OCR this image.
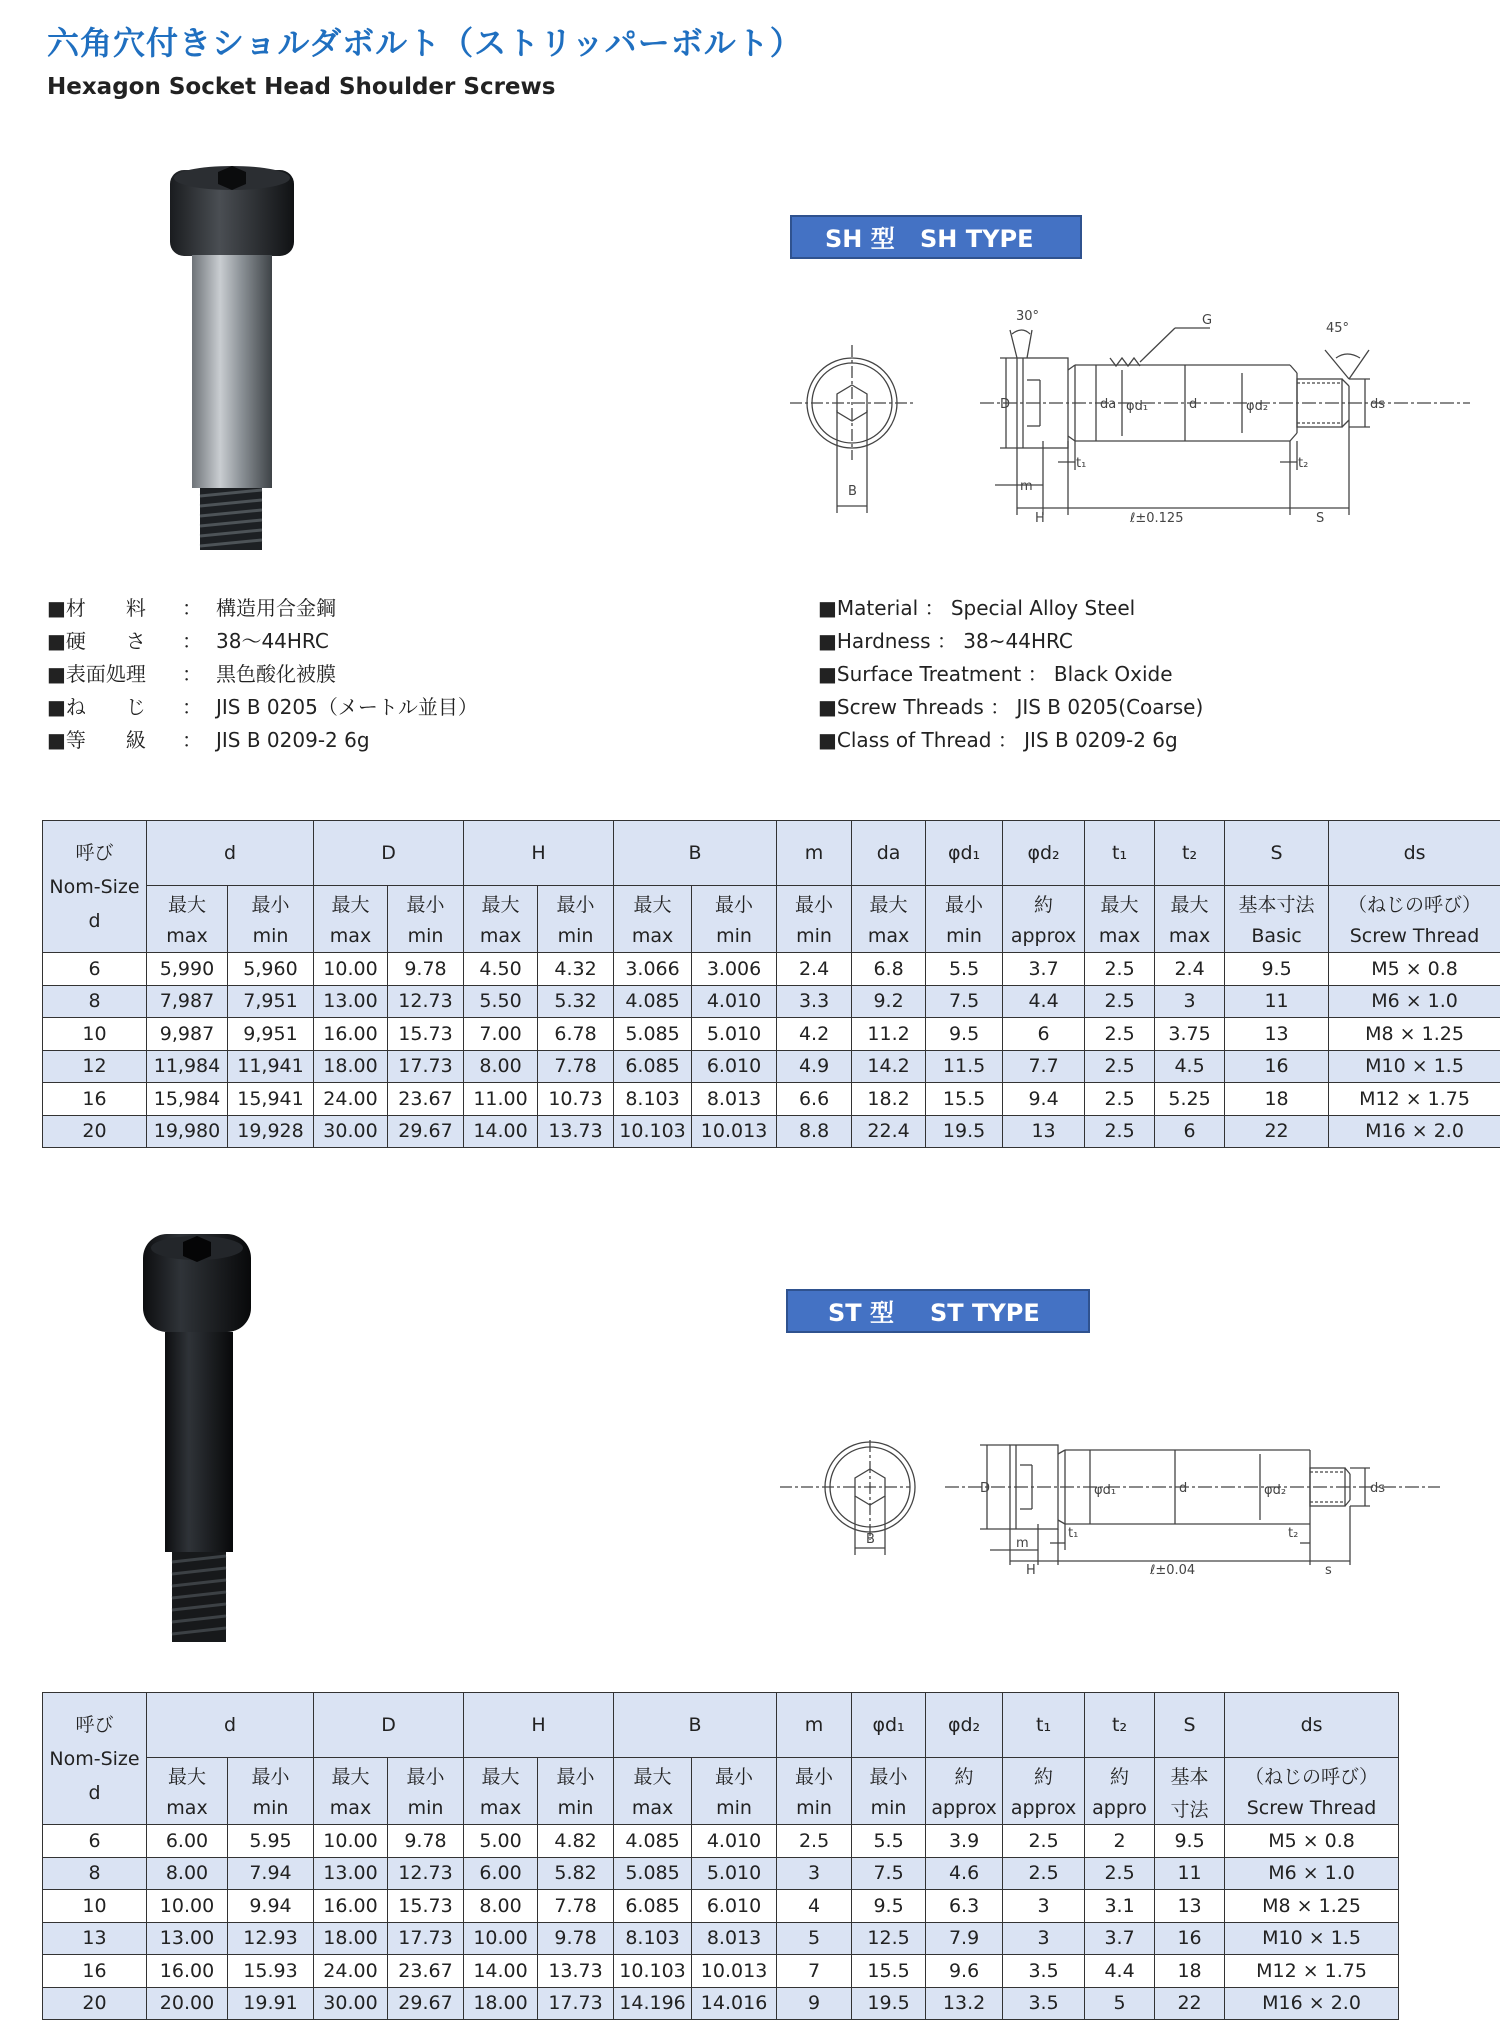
六角穴付きショルダボルト（ストリッパーボルト）
Hexagon Socket Head Shoulder Screws
SH 型 SH TYPE
30°
45°
G
D	da φd₁	d	φd₂	ds
B	m
H
t₁	t₂
ℓ±0.125	S
■材　　料 ： 構造用合金鋼
■硬　　さ ： 38〜44HRC
■表面処理 ： 黒色酸化被膜
■ね　　じ ： JIS B 0205（メートル並目）
■等　　級 ： JIS B 0209-2 6g
■Material ： Special Alloy Steel
■Hardness ： 38~44HRC
■Surface Treatment ： Black Oxide
■Screw Threads ： JIS B 0205(Coarse)
■Class of Thread ： JIS B 0209-2 6g
呼び
Nom-Size
d	d		D		H		B		m	da	φd₁	φd₂	t₁	t₂	S	ds
	最大	最小	最大	最小	最大	最小	最大	最小	最小	最大	最小	約	最大	最大	基本寸法	（ねじの呼び）
	max	min	max	min	max	min	max	min	min	max	min	approx	max	max	Basic	Screw Thread
6	5,990	5,960	10.00	9.78	4.50	4.32	3.066	3.006	2.4	6.8	5.5	3.7	2.5	2.4	9.5	M5 × 0.8
8	7,987	7,951	13.00	12.73	5.50	5.32	4.085	4.010	3.3	9.2	7.5	4.4	2.5	3	11	M6 × 1.0
10	9,987	9,951	16.00	15.73	7.00	6.78	5.085	5.010	4.2	11.2	9.5	6	2.5	3.75	13	M8 × 1.25
12	11,984	11,941	18.00	17.73	8.00	7.78	6.085	6.010	4.9	14.2	11.5	7.7	2.5	4.5	16	M10 × 1.5
16	15,984	15,941	24.00	23.67	11.00	10.73	8.103	8.013	6.6	18.2	15.5	9.4	2.5	5.25	18	M12 × 1.75
20	19,980	19,928	30.00	29.67	14.00	13.73	10.103	10.013	8.8	22.4	19.5	13	2.5	6	22	M16 × 2.0
ST 型 ST TYPE
D	φd₁	d	φd₂	ds
B	m
H
t₁	t₂
ℓ±0.04	s
呼び
Nom-Size
d	d		D		H		B		m	φd₁	φd₂	t₁	t₂	S	ds
	最大	最小	最大	最小	最大	最小	最大	最小	最小	最小	約	約	約	基本	（ねじの呼び）
	max	min	max	min	max	min	max	min	min	min	approx	approx	appro	寸法	Screw Thread
6	6.00	5.95	10.00	9.78	5.00	4.82	4.085	4.010	2.5	5.5	3.9	2.5	2	9.5	M5 × 0.8
8	8.00	7.94	13.00	12.73	6.00	5.82	5.085	5.010	3	7.5	4.6	2.5	2.5	11	M6 × 1.0
10	10.00	9.94	16.00	15.73	8.00	7.78	6.085	6.010	4	9.5	6.3	3	3.1	13	M8 × 1.25
13	13.00	12.93	18.00	17.73	10.00	9.78	8.103	8.013	5	12.5	7.9	3	3.7	16	M10 × 1.5
16	16.00	15.93	24.00	23.67	14.00	13.73	10.103	10.013	7	15.5	9.6	3.5	4.4	18	M12 × 1.75
20	20.00	19.91	30.00	29.67	18.00	17.73	14.196	14.016	9	19.5	13.2	3.5	5	22	M16 × 2.0
